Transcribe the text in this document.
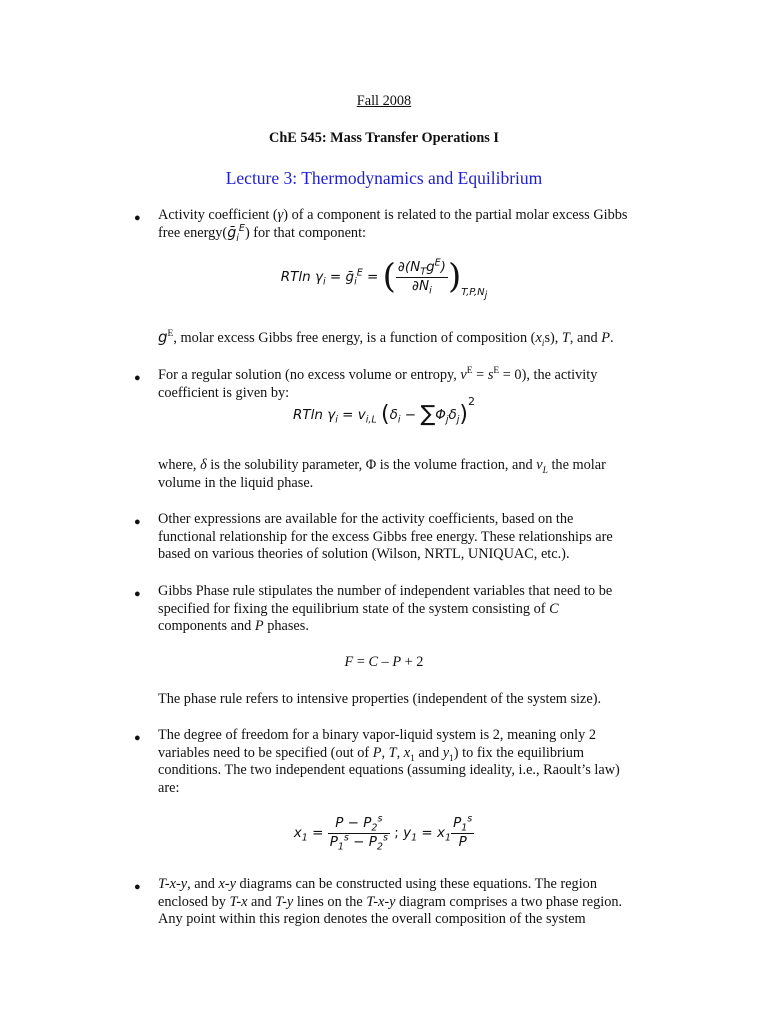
Fall 2008
ChE 545: Mass Transfer Operations I
Lecture 3: Thermodynamics and Equilibrium
● Activity coefficient (γ) of a component is related to the partial molar excess Gibbs
free energy(ḡ$_i^E$) for that component:
RTln $\gamma_i$ = ḡ$_i^E$ = ( $\frac{\partial(N_Tg^E)}{\partial N_i} )_{T,P,N_j}$
$g^E$, molar excess Gibbs free energy, is a function of composition $(x_is)$, T, and P.
● For a regular solution (no excess volume or entropy, $v^E = s^E = 0$), the activity
coefficient is given by:
RTln $\gamma_i = v_{i,L}$ $(\delta_i - \sum\Phi_j\delta_j)^2$
where, δ is the solubility parameter, Φ is the volume fraction, and $v_L$ the molar
volume in the liquid phase.
● Other expressions are available for the activity coefficients, based on the
functional relationship for the excess Gibbs free energy. These relationships are
based on various theories of solution (Wilson, NRTL, UNIQUAC, etc.).
● Gibbs Phase rule stipulates the number of independent variables that need to be
specified for fixing the equilibrium state of the system consisting of C
components and P phases.
F = C – P + 2
The phase rule refers to intensive properties (independent of the system size).
● The degree of freedom for a binary vapor-liquid system is 2, meaning only 2
variables need to be specified (out of P, T, $x_1$ and $y_1$) to fix the equilibrium
conditions. The two independent equations (assuming ideality, i.e., Raoult’s law)
are:
$x_1 = \frac{P - P_2^s}{P_1^s - P_2^s}$ ; $y_1 = x_1 \frac{P_1^s}{P}$
● T-x-y, and x-y diagrams can be constructed using these equations. The region
enclosed by T-x and T-y lines on the T-x-y diagram comprises a two phase region.
Any point within this region denotes the overall composition of the system
